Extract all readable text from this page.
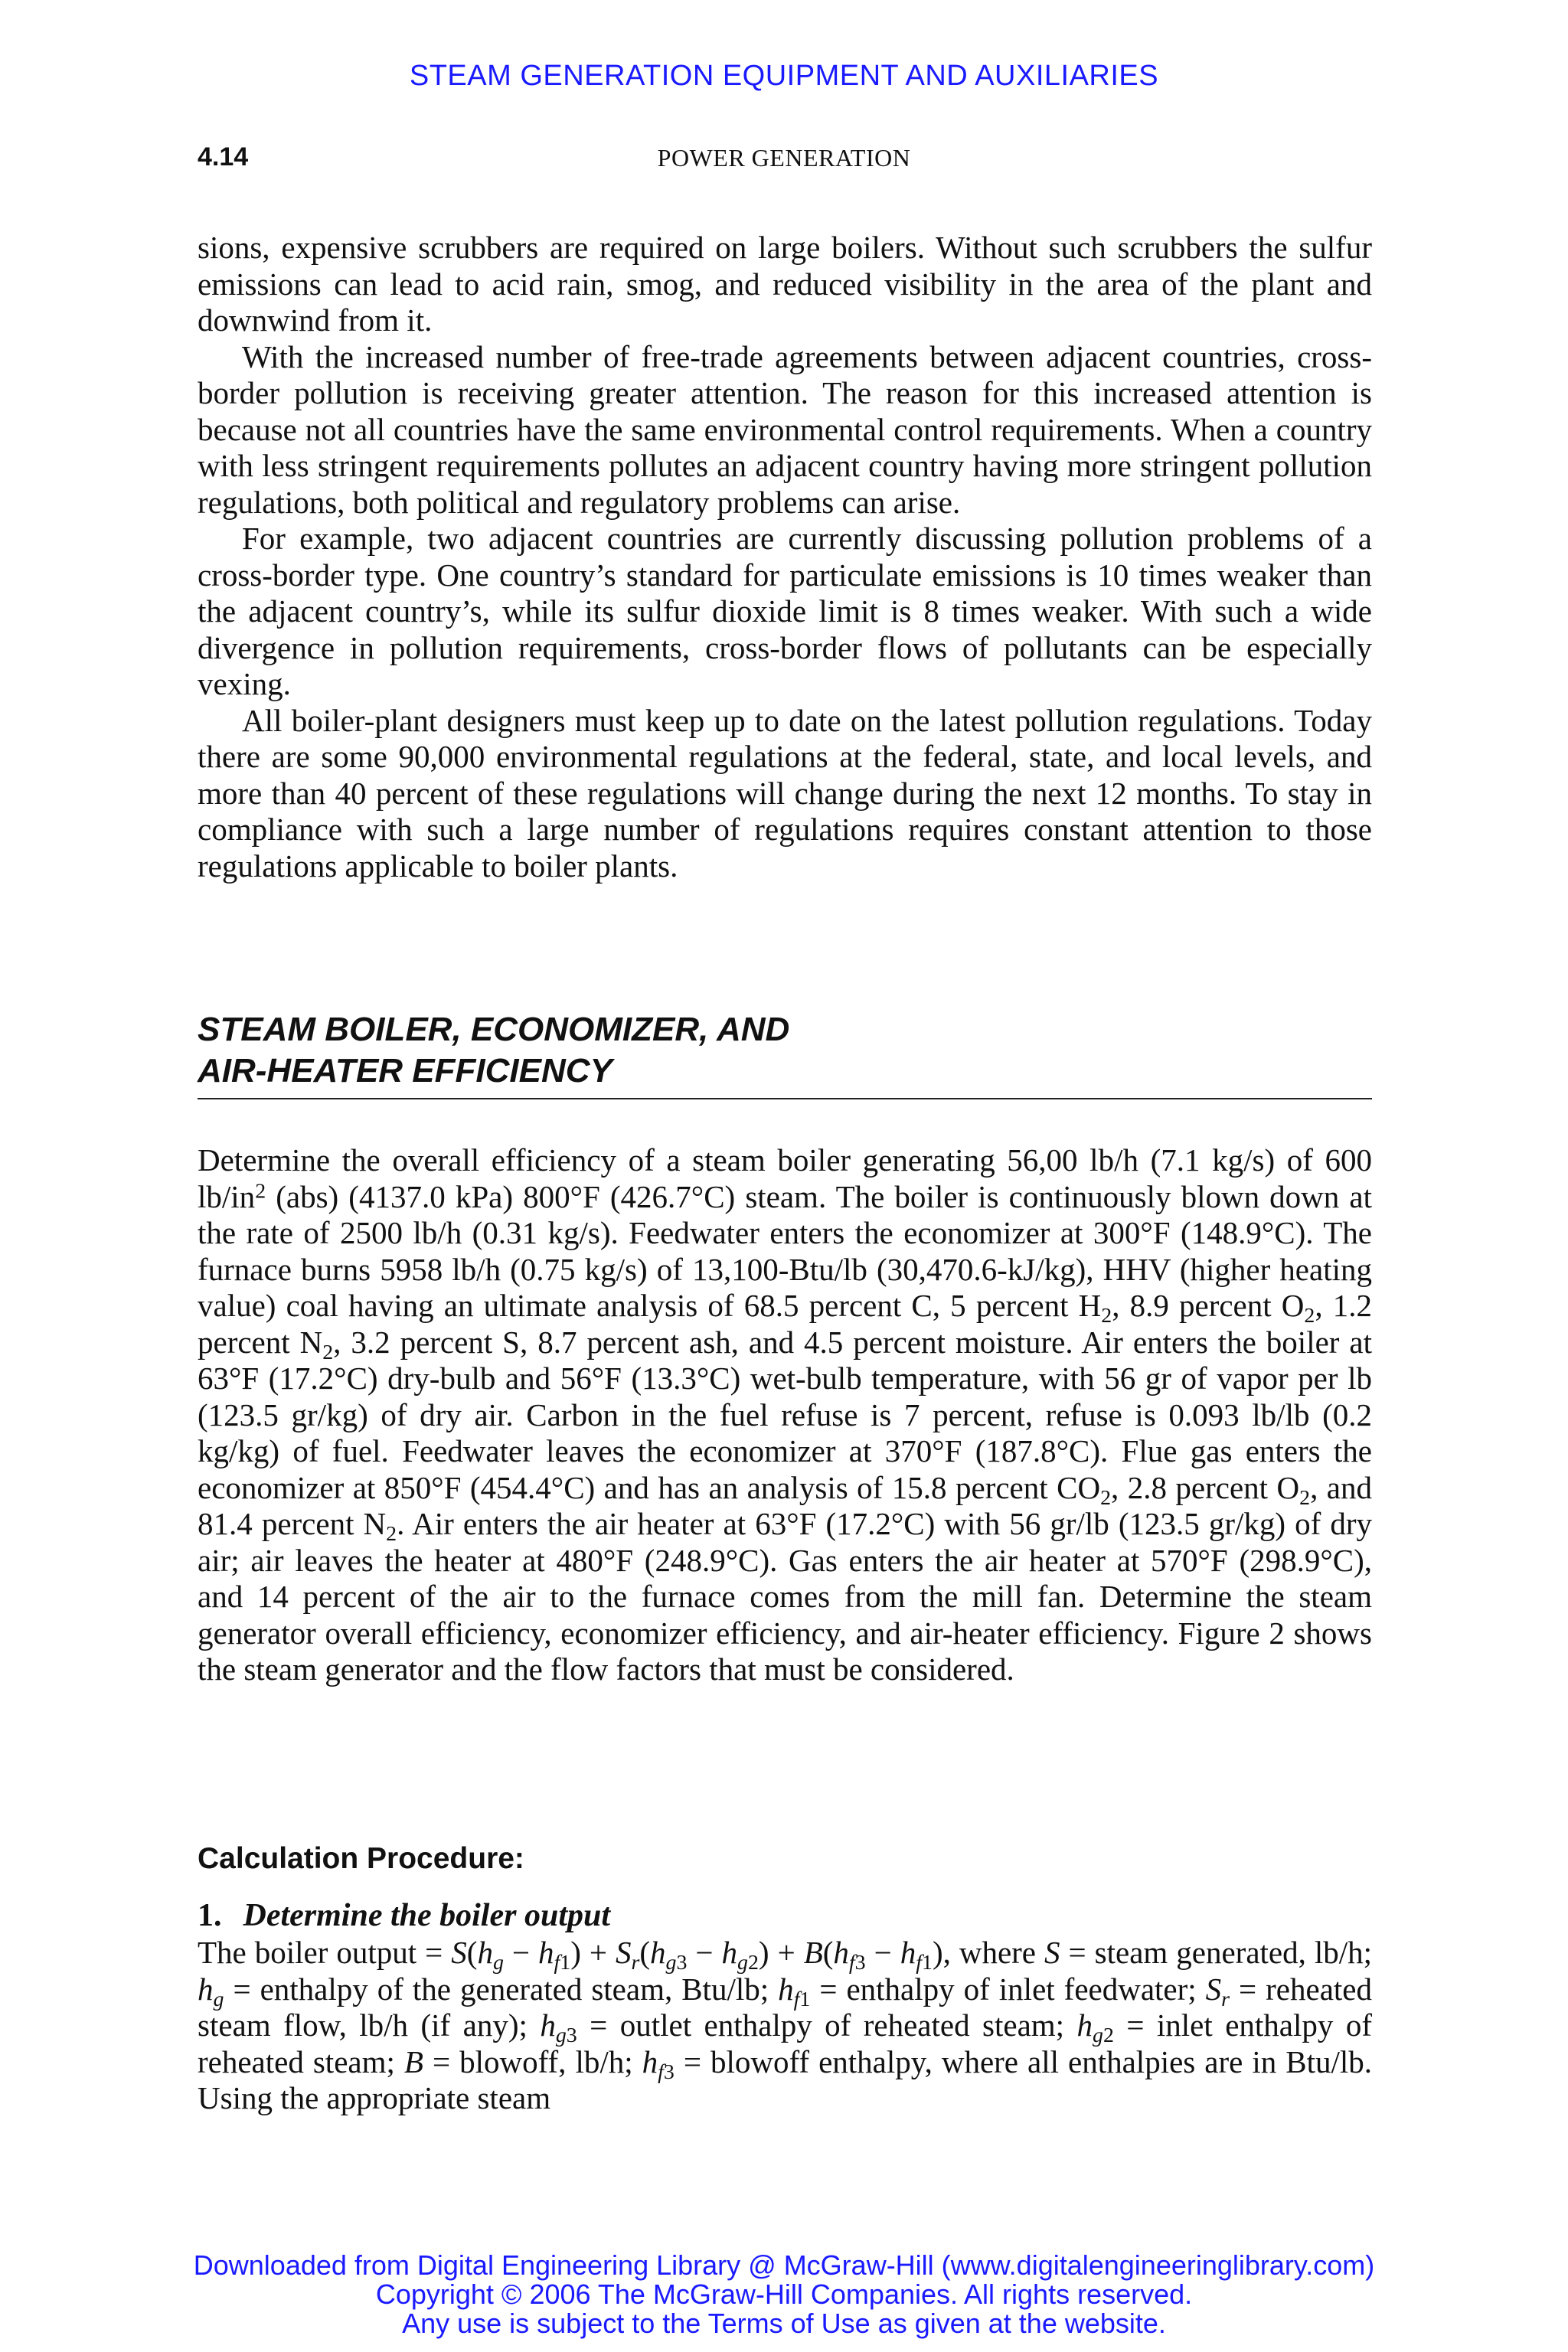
STEAM GENERATION EQUIPMENT AND AUXILIARIES
4.14	POWER GENERATION

sions, expensive scrubbers are required on large boilers. Without such scrubbers the sulfur emissions can lead to acid rain, smog, and reduced visibility in the area of the plant and downwind from it.

With the increased number of free-trade agreements between adjacent countries, cross-border pollution is receiving greater attention. The reason for this increased attention is because not all countries have the same environmental control requirements. When a country with less stringent requirements pollutes an adjacent country having more stringent pollution regulations, both political and regulatory problems can arise.

For example, two adjacent countries are currently discussing pollution problems of a cross-border type. One country’s standard for particulate emissions is 10 times weaker than the adjacent country’s, while its sulfur dioxide limit is 8 times weaker. With such a wide divergence in pollution requirements, cross-border flows of pollutants can be especially vexing.

All boiler-plant designers must keep up to date on the latest pollution regulations. Today there are some 90,000 environmental regulations at the federal, state, and local levels, and more than 40 percent of these regulations will change during the next 12 months. To stay in compliance with such a large number of regulations requires constant attention to those regulations applicable to boiler plants.

STEAM BOILER, ECONOMIZER, AND
AIR-HEATER EFFICIENCY

Determine the overall efficiency of a steam boiler generating 56,00 lb/h (7.1 kg/s) of 600 $lb/in^2$ (abs) (4137.0 kPa) 800°F (426.7°C) steam. The boiler is continuously blown down at the rate of 2500 lb/h (0.31 kg/s). Feedwater enters the economizer at 300°F (148.9°C). The furnace burns 5958 lb/h (0.75 kg/s) of 13,100-Btu/lb (30,470.6-kJ/kg), HHV (higher heating value) coal having an ultimate analysis of 68.5 percent C, 5 percent $H_2$, 8.9 percent $O_2$, 1.2 percent $N_2$, 3.2 percent S, 8.7 percent ash, and 4.5 percent moisture. Air enters the boiler at 63°F (17.2°C) dry-bulb and 56°F (13.3°C) wet-bulb temperature, with 56 gr of vapor per lb (123.5 gr/kg) of dry air. Carbon in the fuel refuse is 7 percent, refuse is 0.093 lb/lb (0.2 kg/kg) of fuel. Feedwater leaves the economizer at 370°F (187.8°C). Flue gas enters the economizer at 850°F (454.4°C) and has an analysis of 15.8 percent $CO_2$, 2.8 percent $O_2$, and 81.4 percent $N_2$. Air enters the air heater at 63°F (17.2°C) with 56 gr/lb (123.5 gr/kg) of dry air; air leaves the heater at 480°F (248.9°C). Gas enters the air heater at 570°F (298.9°C), and 14 percent of the air to the furnace comes from the mill fan. Determine the steam generator overall efficiency, economizer efficiency, and air-heater efficiency. Figure 2 shows the steam generator and the flow factors that must be considered.

Calculation Procedure:
1. Determine the boiler output

The boiler output = $S(h_g - h_{f1}) + S_r(h_{g3} - h_{g2}) + B(h_{f3} - h_{f1})$, where S = steam generated, lb/h; $h_g$ = enthalpy of the generated steam, Btu/lb; $h_{f1}$ = enthalpy of inlet feedwater; $S_r$ = reheated steam flow, lb/h (if any); $h_{g3}$ = outlet enthalpy of reheated steam; $h_{g2}$ = inlet enthalpy of reheated steam; B = blowoff, lb/h; $h_{f3}$ = blowoff enthalpy, where all enthalpies are in Btu/lb. Using the appropriate steam

Downloaded from Digital Engineering Library @ McGraw-Hill (www.digitalengineeringlibrary.com)
Copyright © 2006 The McGraw-Hill Companies. All rights reserved.
Any use is subject to the Terms of Use as given at the website.
